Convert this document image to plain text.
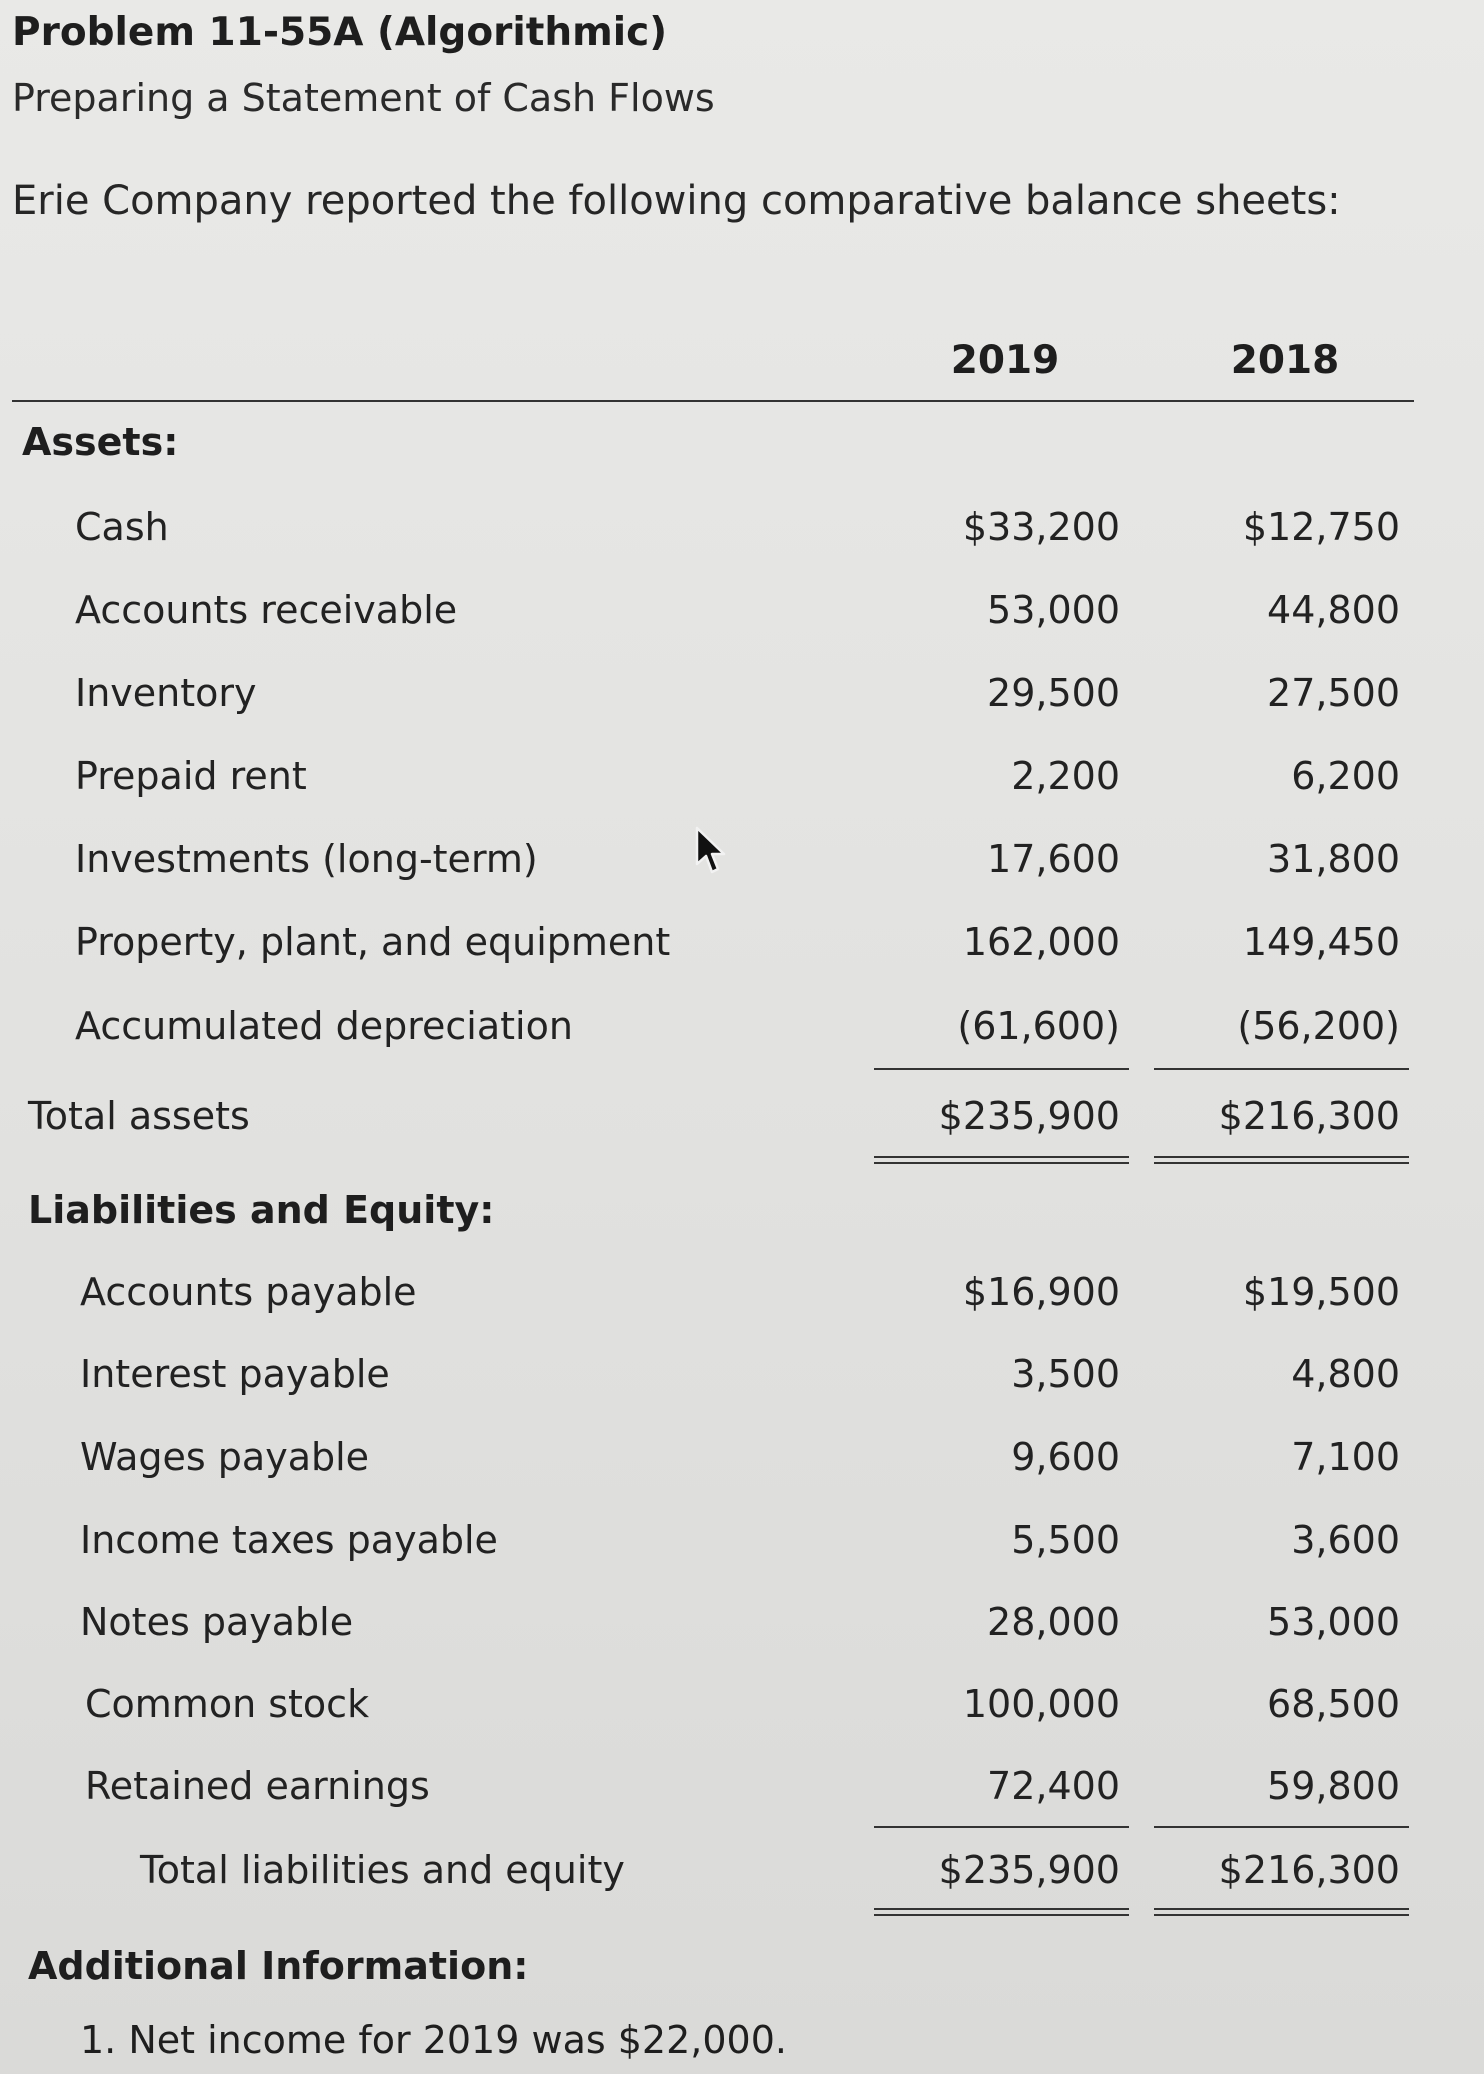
Problem 11-55A (Algorithmic)
Preparing a Statement of Cash Flows
Erie Company reported the following comparative balance sheets:
2019	2018
Assets:
Cash	$33,200	$12,750
Accounts receivable	53,000	44,800
Inventory	29,500	27,500
Prepaid rent	2,200	6,200
Investments (long-term)	17,600	31,800
Property, plant, and equipment	162,000	149,450
Accumulated depreciation	(61,600)	(56,200)
Total assets	$235,900	$216,300
Liabilities and Equity:
Accounts payable	$16,900	$19,500
Interest payable	3,500	4,800
Wages payable	9,600	7,100
Income taxes payable	5,500	3,600
Notes payable	28,000	53,000
Common stock	100,000	68,500
Retained earnings	72,400	59,800
Total liabilities and equity	$235,900	$216,300
Additional Information:
1. Net income for 2019 was $22,000.
